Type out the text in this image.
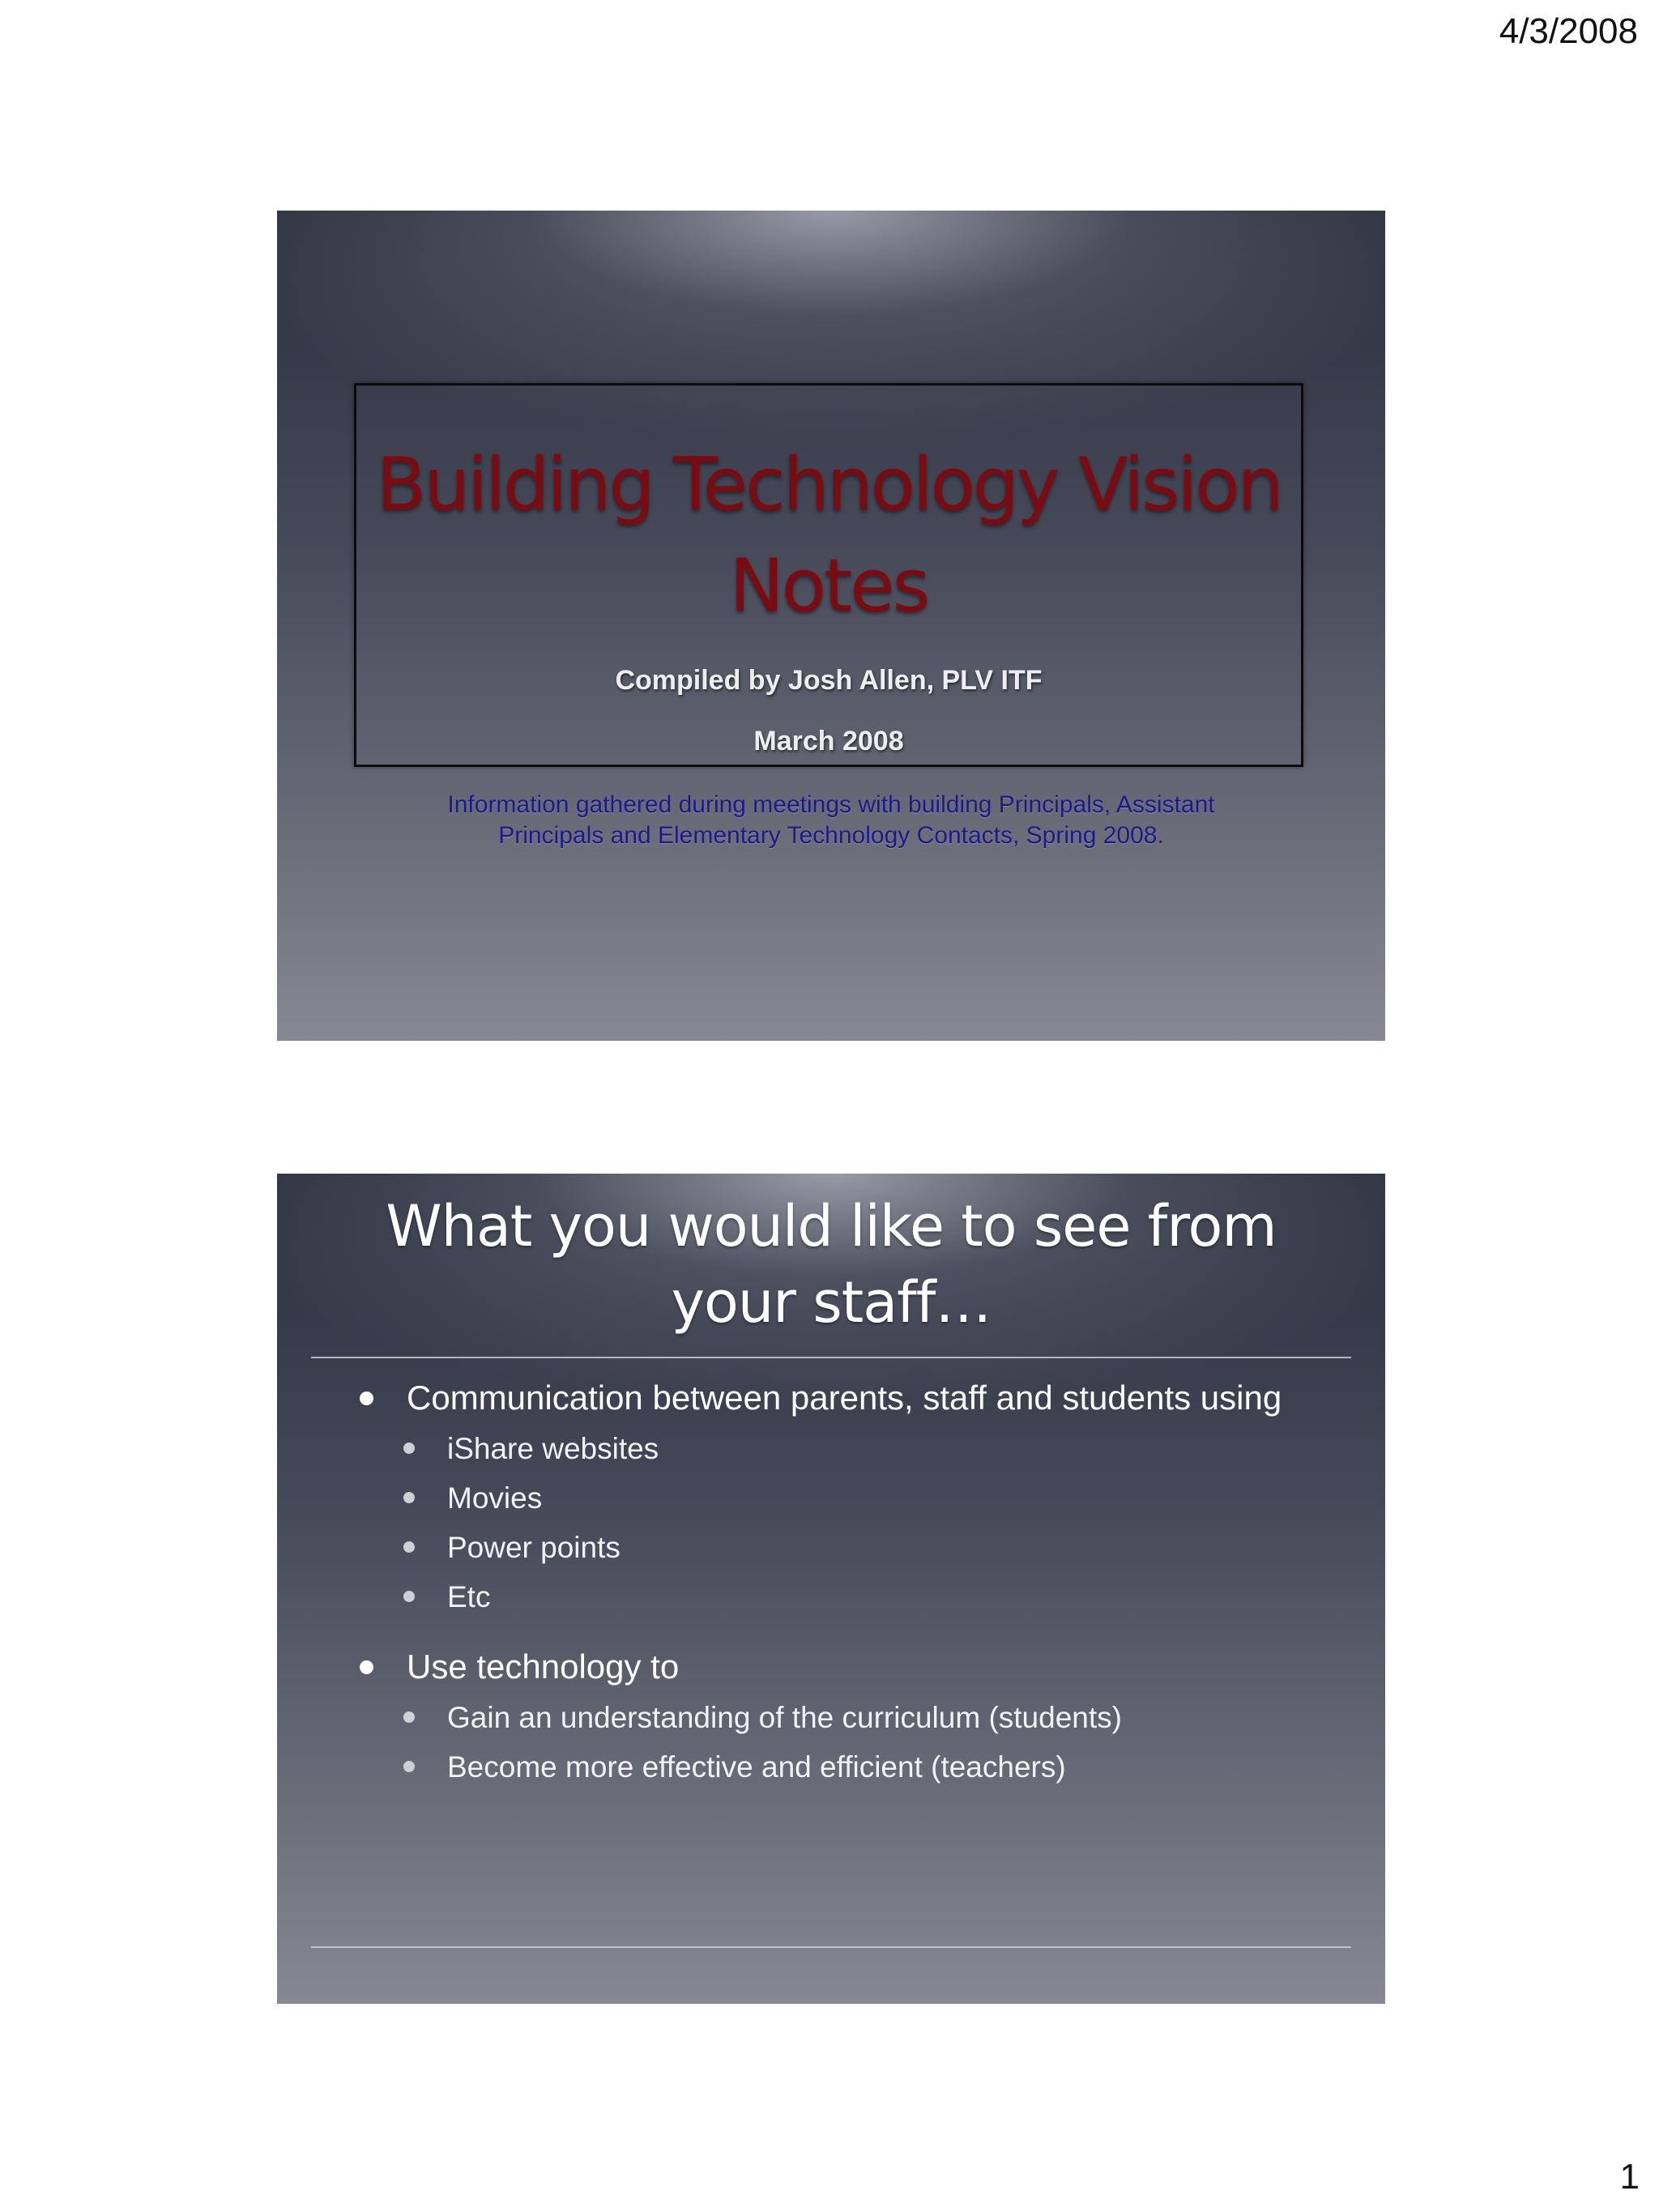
4/3/2008
Building Technology Vision
Notes
Compiled by Josh Allen, PLV ITF
March 2008
Information gathered during meetings with building Principals, Assistant
Principals and Elementary Technology Contacts, Spring 2008.
What you would like to see from
your staff…
Communication between parents, staff and students using
iShare websites
Movies
Power points
Etc
Use technology to
Gain an understanding of the curriculum (students)
Become more effective and efficient (teachers)
1
